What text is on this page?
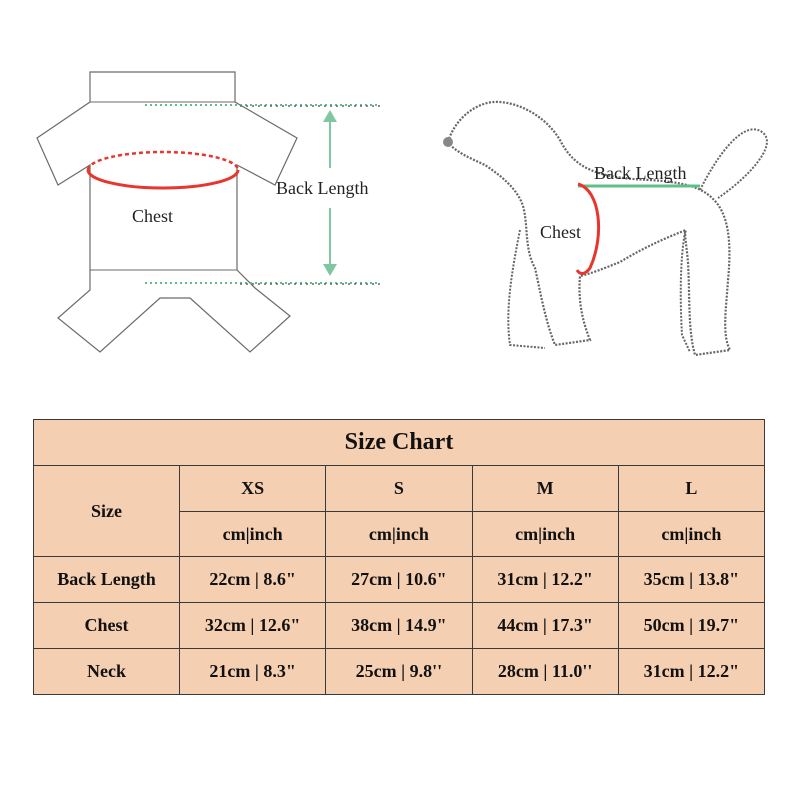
Chest
Back Length
Back Length
Chest
Size Chart				
Size	XS	S	M	L
	cm|inch	cm|inch	cm|inch	cm|inch
Back Length	22cm | 8.6"	27cm | 10.6"	31cm | 12.2"	35cm | 13.8"
Chest	32cm | 12.6"	38cm | 14.9"	44cm | 17.3"	50cm | 19.7"
Neck	21cm | 8.3"	25cm | 9.8''	28cm | 11.0''	31cm | 12.2"
